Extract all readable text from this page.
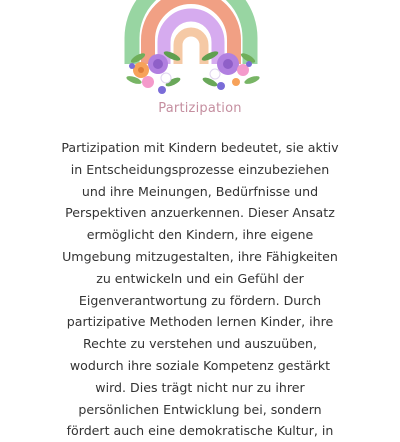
Partizipation

Partizipation mit Kindern bedeutet, sie aktiv in Entscheidungsprozesse einzubeziehen und ihre Meinungen, Bedürfnisse und Perspektiven anzuerkennen. Dieser Ansatz ermöglicht den Kindern, ihre eigene Umgebung mitzugestalten, ihre Fähigkeiten zu entwickeln und ein Gefühl der Eigenverantwortung zu fördern. Durch partizipative Methoden lernen Kinder, ihre Rechte zu verstehen und auszuüben, wodurch ihre soziale Kompetenz gestärkt wird. Dies trägt nicht nur zu ihrer persönlichen Entwicklung bei, sondern fördert auch eine demokratische Kultur, in
